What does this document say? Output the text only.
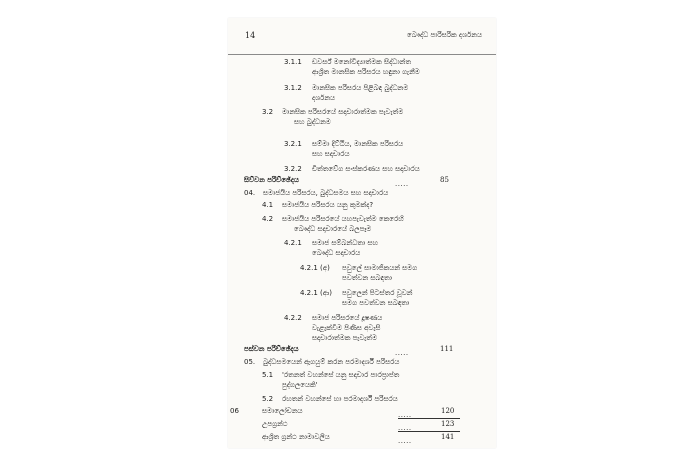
14	බෞද්ධ පාරිසරික දර්ශනය
3.1.1 ඩවර්ස් මනෝවිද්‍යාත්මක සිද්ධාන්ත
ආශ්‍රිත මානසික පරිසරය හඳුනා ගැනීම
3.1.2 මානසික පරිසරය පිළිබඳ බුද්ධනම
දර්ශනය
3.2 මානසික පරිසරයේ සදාචාරාත්මක පැවැත්ම
සහ බුද්ධනම
3.2.1 සම්මා දිට්ඨිය, මානසික පරිසරය
සහ සදාචාරය
3.2.2 චිත්තවේග සංස්කරණය සහ සදාචාරය
සිව්වන පරිච්ඡේදය	.....	85
04. සමාජයීය පරිසරය, බුද්ධසමය සහ සදාචාරය
4.1 සමාජයීය පරිසරය යනු කුමක්ද?
4.2 සමාජයීය පරිසරයේ යහපැවැත්ම කෙරෙහි
බෞද්ධ සදාචාරයේ බලපෑම
4.2.1 සමාජ සම්බන්ධතා සහ
බෞද්ධ සදාචාරය
4.2.1 (අ) පවුලේ සාමාජිකයන් සමග
පවත්වන සබඳතා
4.2.1 (ආ) පවුලෙන් පිටස්තර වූවන්
සමග පවත්වන සබඳතා
4.2.2 සමාජ පරිසරයේ දූෂණය
වැළැක්වීම පිණිස අවැසි
සදාචාරාත්මක පැවැත්ම
පස්වන පරිච්ඡේදය	.....	111
05. බුද්ධසමයෙන් ඇගයුම් කරන පරමාදර්ශී පරිසරය
5.1 'රතනත් වහන්සේ යනු සදාචාර පාරප්‍රාප්ත
පුද්ගලයෙකි'
5.2 රහතන් වහන්සේ හා පරමාදර්ශී පරිසරය
06	සමාලෝචනය	.....	120
උපග්‍රන්ථ	.....	123
ආශ්‍රිත ග්‍රන්ථ නාමාවලිය	.....	141
